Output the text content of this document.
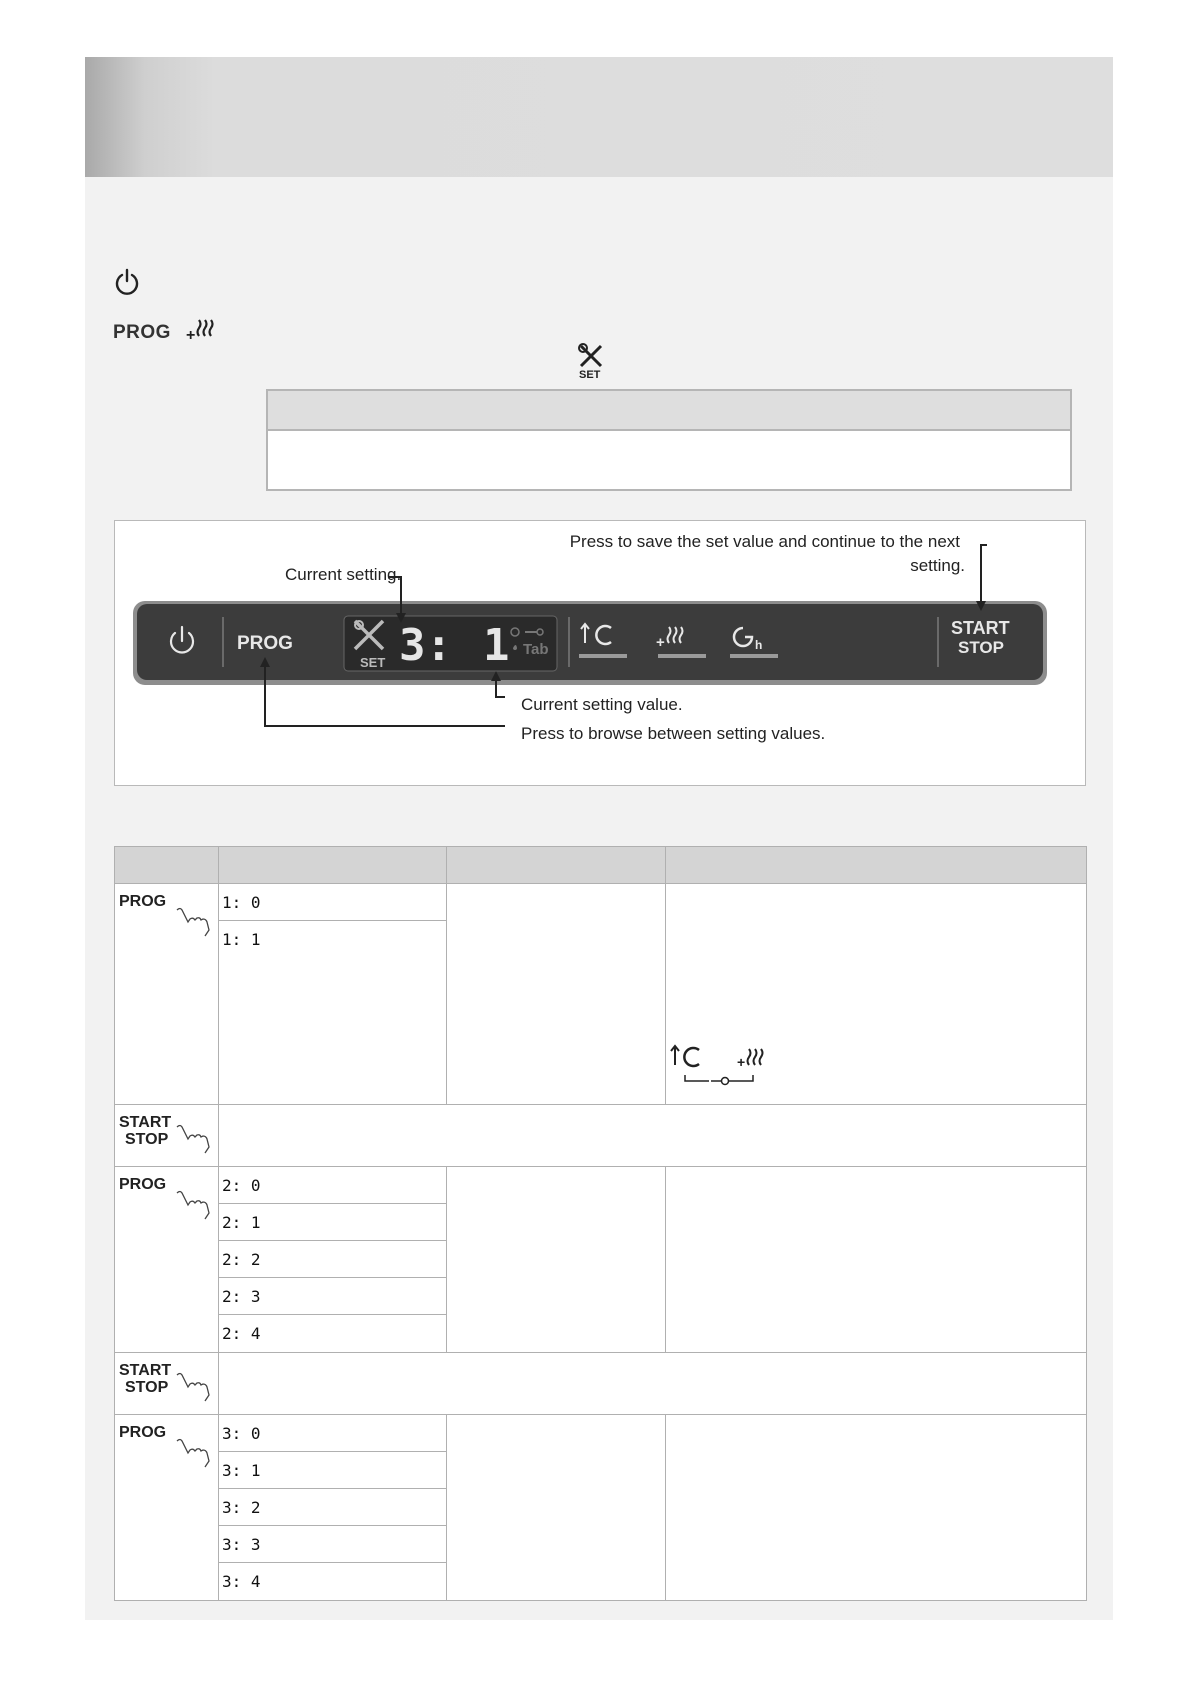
PROG +
SET
PROG
SET 3: 1 Tab	+	h
START
STOP
Press to save the set value and continue to the next
setting.
Current setting.
Current setting value.
Press to browse between setting values.

PROG	1: 0
1: 1		+

START
STOP			

PROG	2: 0
2: 1
2: 2
2: 3
2: 4		

START
STOP			

PROG	3: 0
3: 1
3: 2
3: 3
3: 4		
